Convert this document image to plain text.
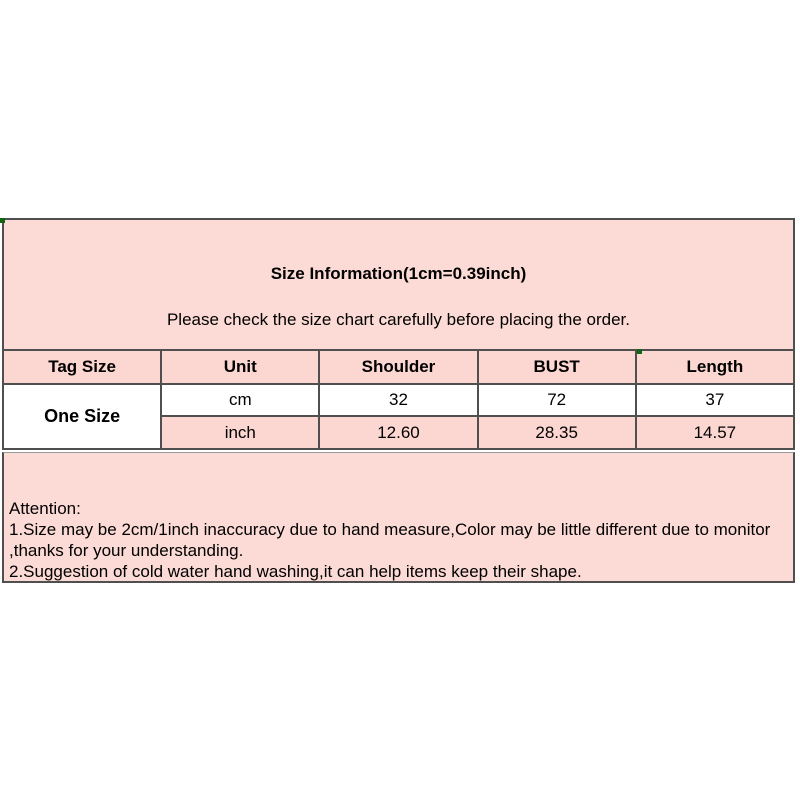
Size Information(1cm=0.39inch)
Please check the size chart carefully before placing the order.
Tag Size	Unit	Shoulder	BUST	Length
One Size	cm	32	72	37
	inch	12.60	28.35	14.57
Attention:
1.Size may be 2cm/1inch inaccuracy due to hand measure,Color may be little different due to monitor
,thanks for your understanding.
2.Suggestion of cold water hand washing,it can help items keep their shape.
